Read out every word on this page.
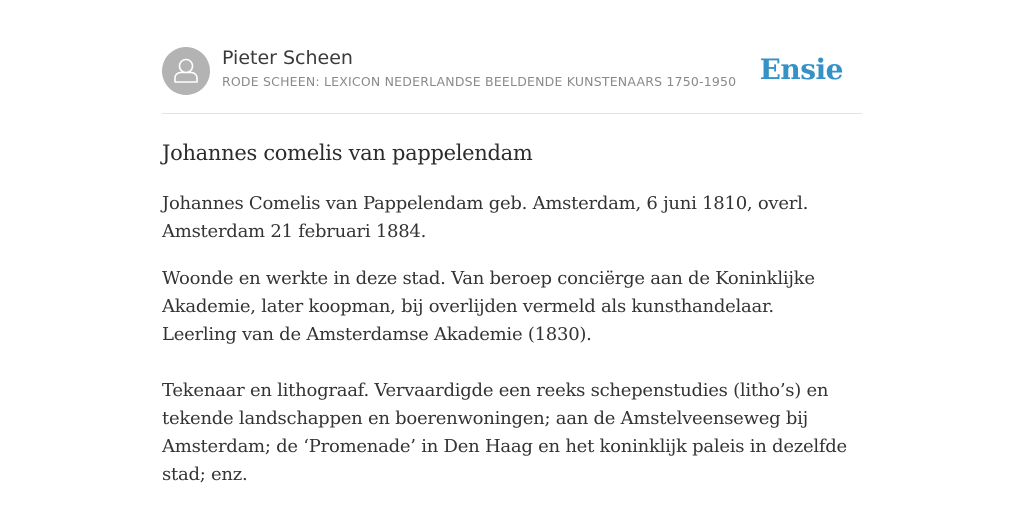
Pieter Scheen
RODE SCHEEN: LEXICON NEDERLANDSE BEELDENDE KUNSTENAARS 1750-1950 Ensie
Johannes comelis van pappelendam

Johannes Comelis van Pappelendam geb. Amsterdam, 6 juni 1810, overl. Amsterdam 21 februari 1884.

Woonde en werkte in deze stad. Van beroep conciërge aan de Koninklijke Akademie, later koopman, bij overlijden vermeld als kunsthandelaar. Leerling van de Amsterdamse Akademie (1830).

Tekenaar en lithograaf. Vervaardigde een reeks schepenstudies (litho’s) en tekende landschappen en boerenwoningen; aan de Amstelveenseweg bij Amsterdam; de ‘Promenade’ in Den Haag en het koninklijk paleis in dezelfde stad; enz.
